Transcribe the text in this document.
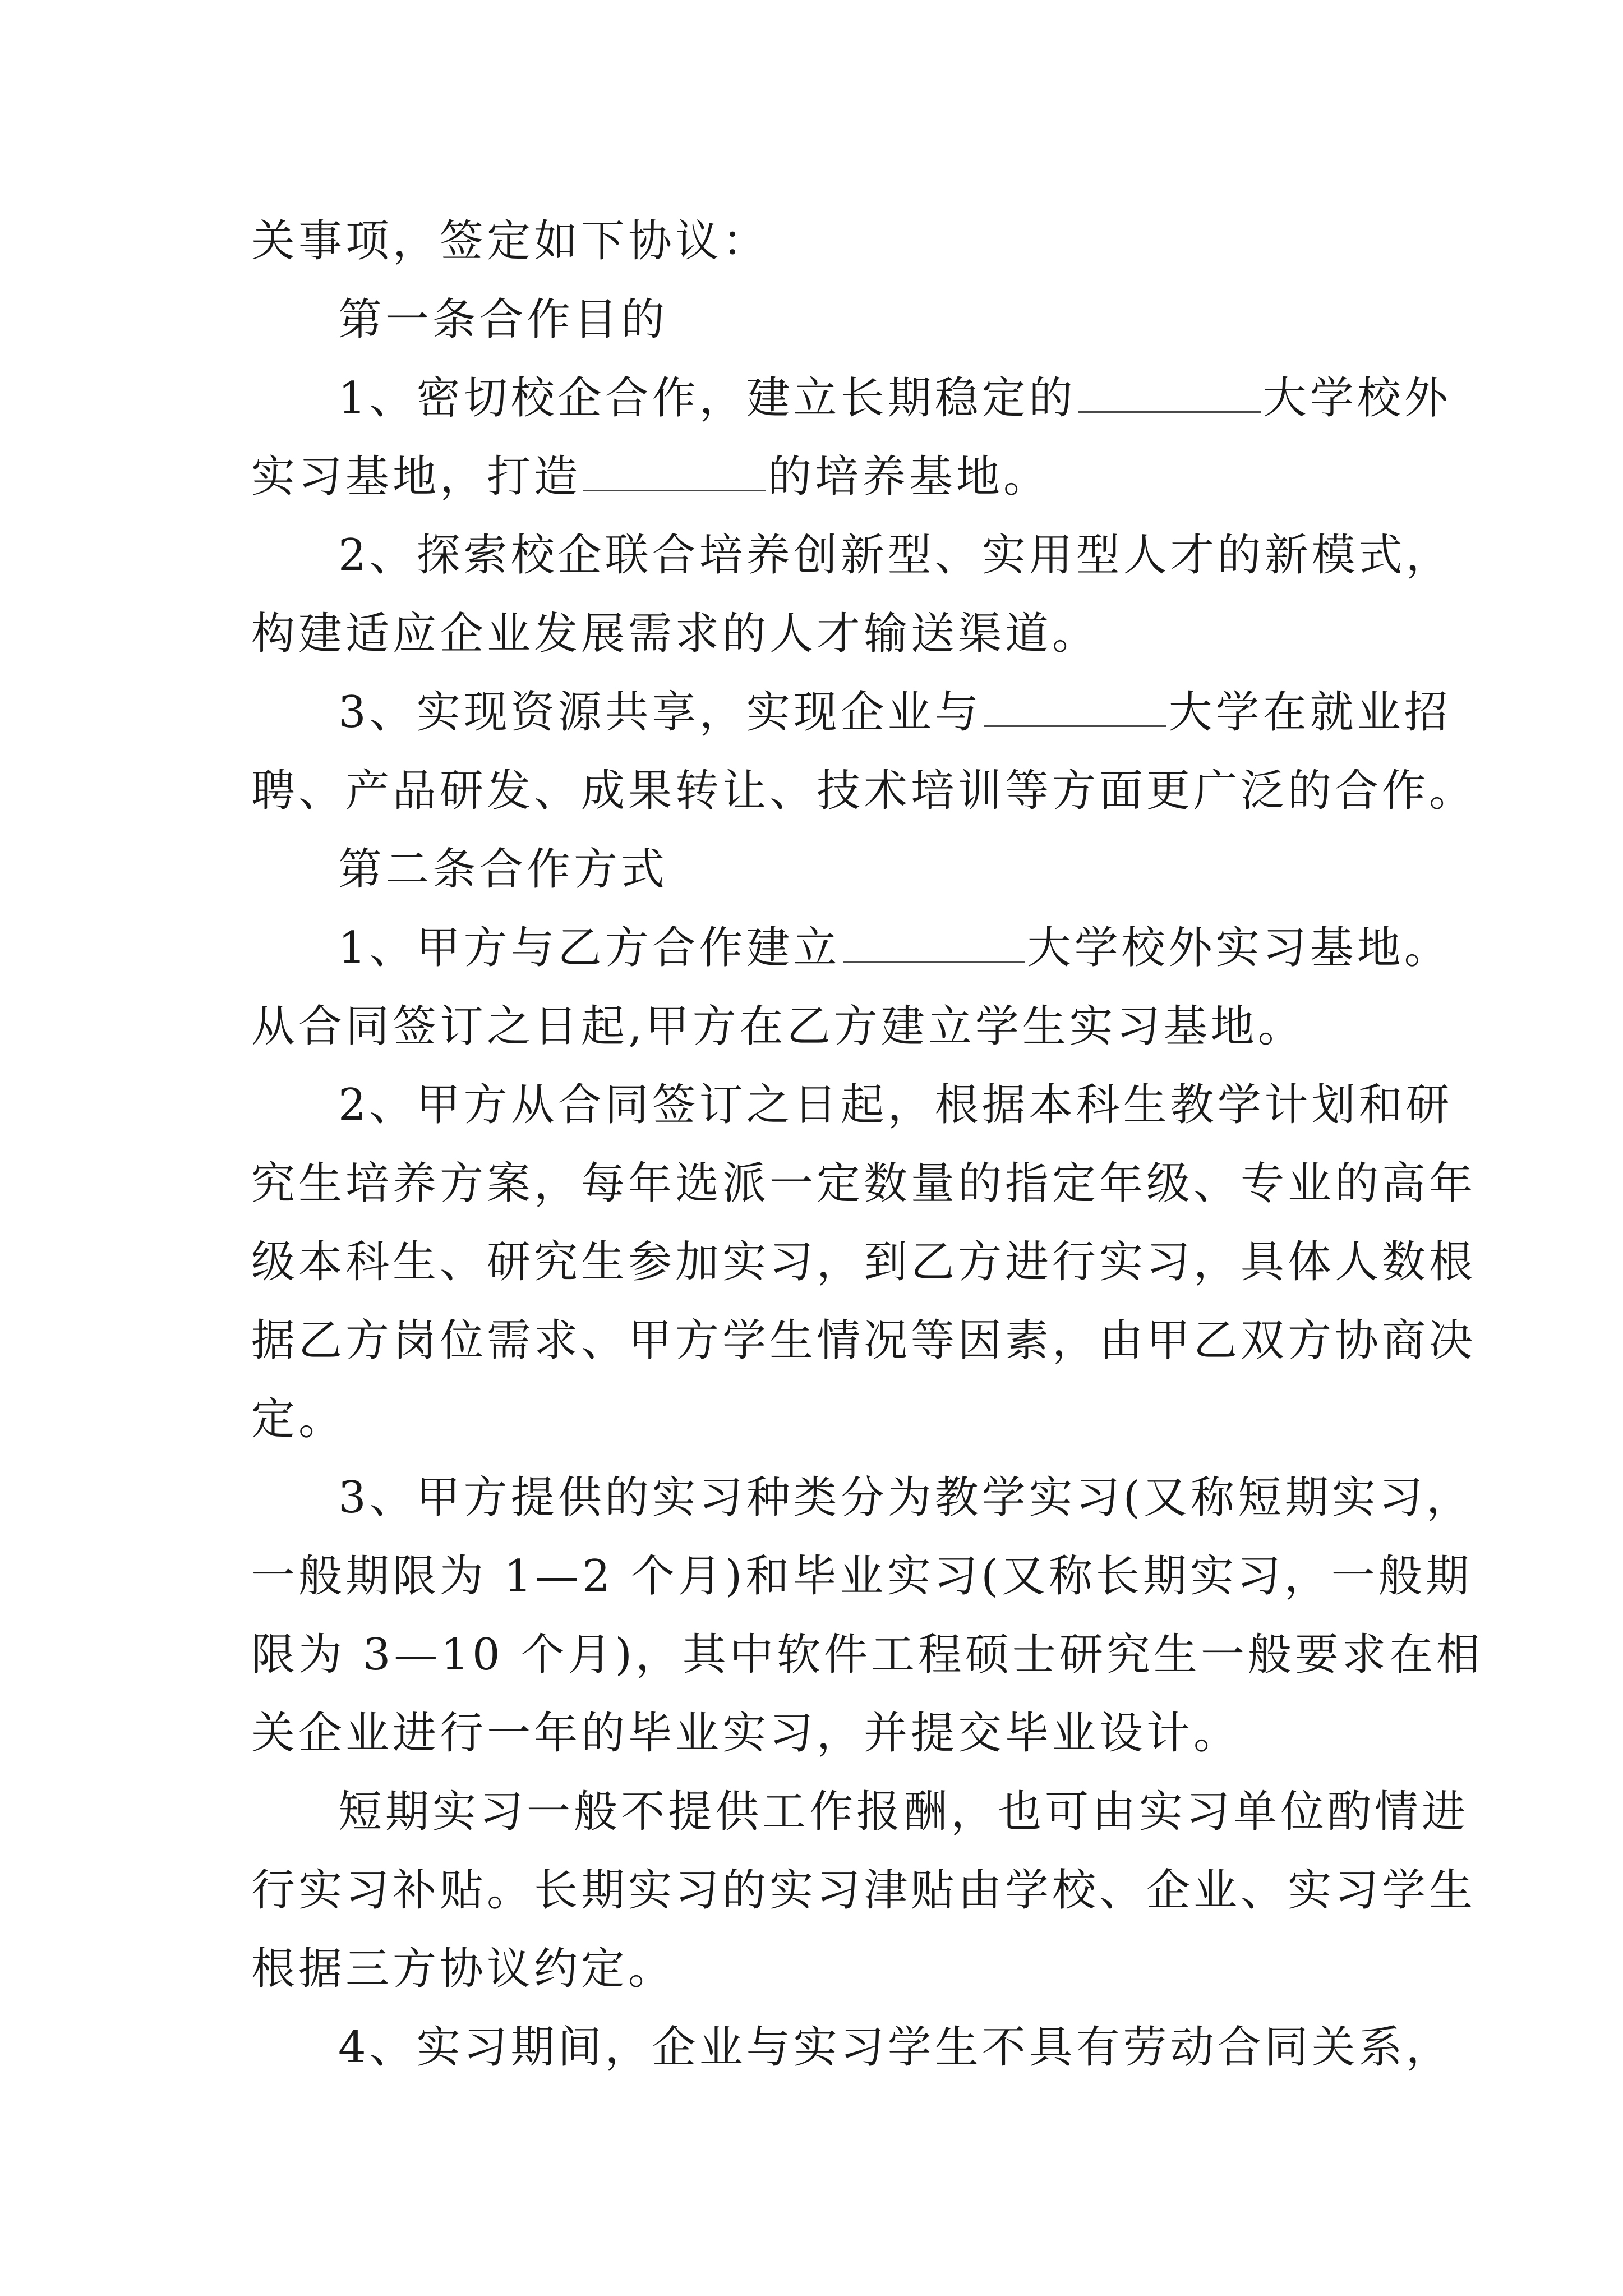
关事项，签定如下协议：
第一条合作目的
1、密切校企合作，建立长期稳定的	大学校外
实习基地，打造	的培养基地。
2、探索校企联合培养创新型、实用型人才的新模式，
构建适应企业发展需求的人才输送渠道。
3、实现资源共享，实现企业与	大学在就业招
聘、产品研发、成果转让、技术培训等方面更广泛的合作。
第二条合作方式
1、甲方与乙方合作建立	大学校外实习基地。
从合同签订之日起,甲方在乙方建立学生实习基地。
2、甲方从合同签订之日起，根据本科生教学计划和研
究生培养方案，每年选派一定数量的指定年级、专业的高年
级本科生、研究生参加实习，到乙方进行实习，具体人数根
据乙方岗位需求、甲方学生情况等因素，由甲乙双方协商决
定。
3、甲方提供的实习种类分为教学实习(又称短期实习，
一般期限为 1—2 个月)和毕业实习(又称长期实习，一般期
限为 3—10 个月)，其中软件工程硕士研究生一般要求在相
关企业进行一年的毕业实习，并提交毕业设计。
短期实习一般不提供工作报酬，也可由实习单位酌情进
行实习补贴。长期实习的实习津贴由学校、企业、实习学生
根据三方协议约定。
4、实习期间，企业与实习学生不具有劳动合同关系，
